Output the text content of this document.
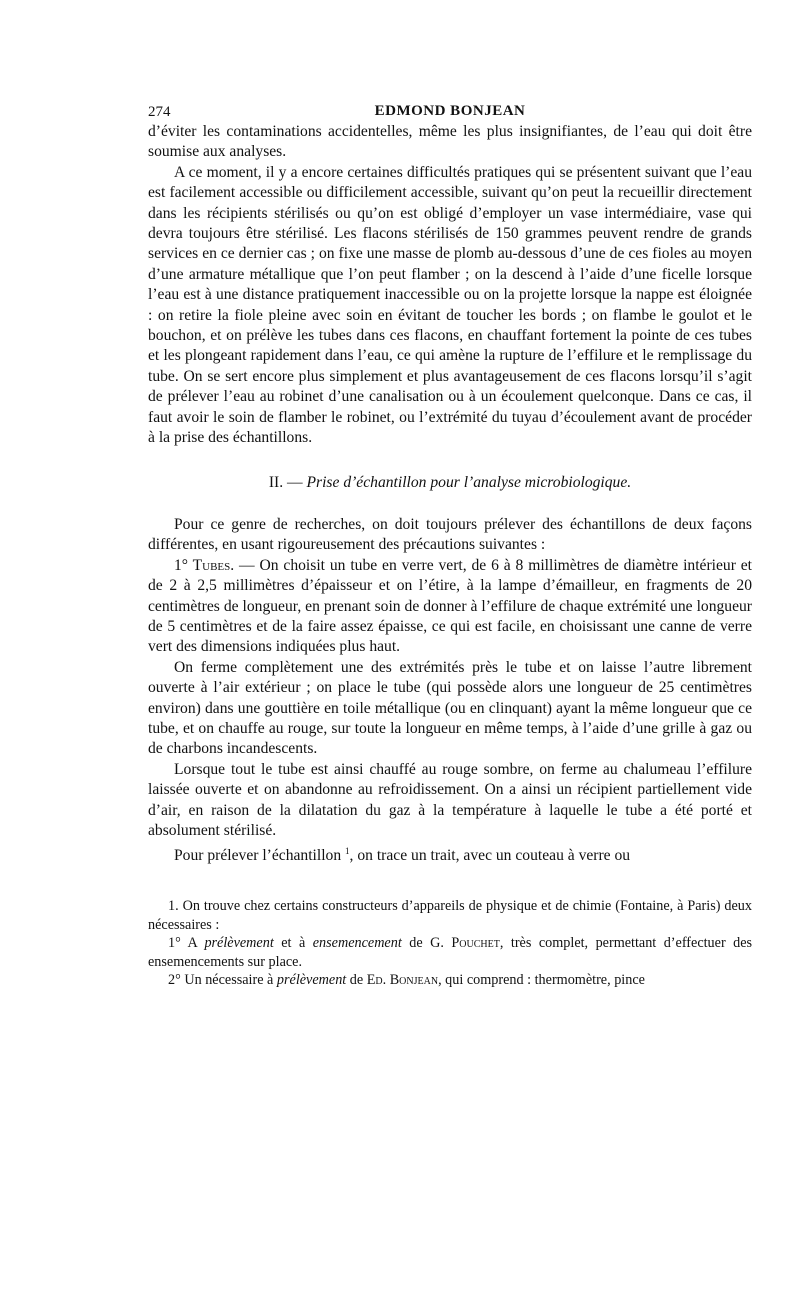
274	EDMOND BONJEAN

d’éviter les contaminations accidentelles, même les plus insignifiantes, de l’eau qui doit être soumise aux analyses.

A ce moment, il y a encore certaines difficultés pratiques qui se présentent suivant que l’eau est facilement accessible ou difficilement accessible, suivant qu’on peut la recueillir directement dans les récipients stérilisés ou qu’on est obligé d’employer un vase intermédiaire, vase qui devra toujours être stérilisé. Les flacons stérilisés de 150 grammes peuvent rendre de grands services en ce dernier cas ; on fixe une masse de plomb au-dessous d’une de ces fioles au moyen d’une armature métallique que l’on peut flamber ; on la descend à l’aide d’une ficelle lorsque l’eau est à une distance pratiquement inaccessible ou on la projette lorsque la nappe est éloignée : on retire la fiole pleine avec soin en évitant de toucher les bords ; on flambe le goulot et le bouchon, et on prélève les tubes dans ces flacons, en chauffant fortement la pointe de ces tubes et les plongeant rapidement dans l’eau, ce qui amène la rupture de l’effilure et le remplissage du tube. On se sert encore plus simplement et plus avantageusement de ces flacons lorsqu’il s’agit de prélever l’eau au robinet d’une canalisation ou à un écoulement quelconque. Dans ce cas, il faut avoir le soin de flamber le robinet, ou l’extrémité du tuyau d’écoulement avant de procéder à la prise des échantillons.

II. — Prise d’échantillon pour l’analyse microbiologique.

Pour ce genre de recherches, on doit toujours prélever des échantillons de deux façons différentes, en usant rigoureusement des précautions suivantes :

1° Tubes. — On choisit un tube en verre vert, de 6 à 8 millimètres de diamètre intérieur et de 2 à 2,5 millimètres d’épaisseur et on l’étire, à la lampe d’émailleur, en fragments de 20 centimètres de longueur, en prenant soin de donner à l’effilure de chaque extrémité une longueur de 5 centimètres et de la faire assez épaisse, ce qui est facile, en choisissant une canne de verre vert des dimensions indiquées plus haut.

On ferme complètement une des extrémités près le tube et on laisse l’autre librement ouverte à l’air extérieur ; on place le tube (qui possède alors une longueur de 25 centimètres environ) dans une gouttière en toile métallique (ou en clinquant) ayant la même longueur que ce tube, et on chauffe au rouge, sur toute la longueur en même temps, à l’aide d’une grille à gaz ou de charbons incandescents.

Lorsque tout le tube est ainsi chauffé au rouge sombre, on ferme au chalumeau l’effilure laissée ouverte et on abandonne au refroidissement. On a ainsi un récipient partiellement vide d’air, en raison de la dilatation du gaz à la température à laquelle le tube a été porté et absolument stérilisé.

Pour prélever l’échantillon $^1$, on trace un trait, avec un couteau à verre ou

1. On trouve chez certains constructeurs d’appareils de physique et de chimie (Fontaine, à Paris) deux nécessaires :

1° A prélèvement et à ensemencement de G. Pouchet, très complet, permettant d’effectuer des ensemencements sur place.

2° Un nécessaire à prélèvement de Ed. Bonjean, qui comprend : thermomètre, pince
